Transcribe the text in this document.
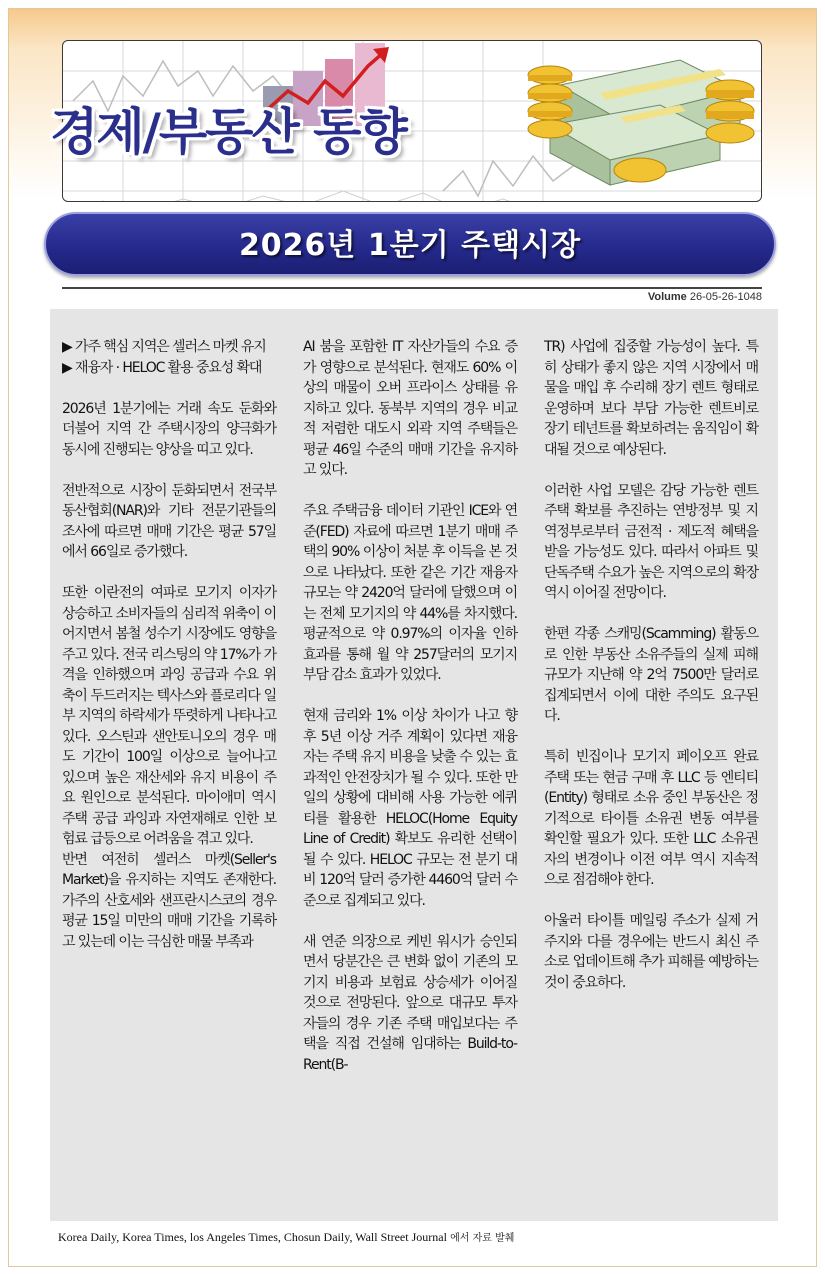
경제/부동산 동향
2026년 1분기 주택시장
Volume 26-05-26-1048

▶ 가주 핵심 지역은 셀러스 마켓 유지

▶ 재융자 · HELOC 활용 중요성 확대

2026년 1분기에는 거래 속도 둔화와 더불어 지역 간 주택시장의 양극화가 동시에 진행되는 양상을 띠고 있다.

전반적으로 시장이 둔화되면서 전국부동산협회(NAR)와 기타 전문기관들의 조사에 따르면 매매 기간은 평균 57일에서 66일로 증가했다.

또한 이란전의 여파로 모기지 이자가 상승하고 소비자들의 심리적 위축이 이어지면서 봄철 성수기 시장에도 영향을 주고 있다. 전국 리스팅의 약 17%가 가격을 인하했으며 과잉 공급과 수요 위축이 두드러지는 텍사스와 플로리다 일부 지역의 하락세가 뚜렷하게 나타나고 있다. 오스틴과 샌안토니오의 경우 매도 기간이 100일 이상으로 늘어나고 있으며 높은 재산세와 유지 비용이 주요 원인으로 분석된다. 마이애미 역시 주택 공급 과잉과 자연재해로 인한 보험료 급등으로 어려움을 겪고 있다.

반면 여전히 셀러스 마켓(Seller's Market)을 유지하는 지역도 존재한다. 가주의 산호세와 샌프란시스코의 경우 평균 15일 미만의 매매 기간을 기록하고 있는데 이는 극심한 매물 부족과

AI 붐을 포함한 IT 자산가들의 수요 증가 영향으로 분석된다. 현재도 60% 이상의 매물이 오버 프라이스 상태를 유지하고 있다. 동북부 지역의 경우 비교적 저렴한 대도시 외곽 지역 주택들은 평균 46일 수준의 매매 기간을 유지하고 있다.

주요 주택금융 데이터 기관인 ICE와 연준(FED) 자료에 따르면 1분기 매매 주택의 90% 이상이 처분 후 이득을 본 것으로 나타났다. 또한 같은 기간 재융자 규모는 약 2420억 달러에 달했으며 이는 전체 모기지의 약 44%를 차지했다. 평균적으로 약 0.97%의 이자율 인하 효과를 통해 월 약 257달러의 모기지 부담 감소 효과가 있었다.

현재 금리와 1% 이상 차이가 나고 향후 5년 이상 거주 계획이 있다면 재융자는 주택 유지 비용을 낮출 수 있는 효과적인 안전장치가 될 수 있다. 또한 만일의 상황에 대비해 사용 가능한 에퀴티를 활용한 HELOC(Home Equity Line of Credit) 확보도 유리한 선택이 될 수 있다. HELOC 규모는 전 분기 대비 120억 달러 증가한 4460억 달러 수준으로 집계되고 있다.

새 연준 의장으로 케빈 워시가 승인되면서 당분간은 큰 변화 없이 기존의 모기지 비용과 보험료 상승세가 이어질 것으로 전망된다. 앞으로 대규모 투자자들의 경우 기존 주택 매입보다는 주택을 직접 건설해 임대하는 Build-to-Rent(B-

TR) 사업에 집중할 가능성이 높다. 특히 상태가 좋지 않은 지역 시장에서 매물을 매입 후 수리해 장기 렌트 형태로 운영하며 보다 부담 가능한 렌트비로 장기 테넌트를 확보하려는 움직임이 확대될 것으로 예상된다.

이러한 사업 모델은 감당 가능한 렌트 주택 확보를 추진하는 연방정부 및 지역정부로부터 금전적 · 제도적 혜택을 받을 가능성도 있다. 따라서 아파트 및 단독주택 수요가 높은 지역으로의 확장 역시 이어질 전망이다.

한편 각종 스캐밍(Scamming) 활동으로 인한 부동산 소유주들의 실제 피해 규모가 지난해 약 2억 7500만 달러로 집계되면서 이에 대한 주의도 요구된다.

특히 빈집이나 모기지 페이오프 완료 주택 또는 현금 구매 후 LLC 등 엔티티(Entity) 형태로 소유 중인 부동산은 정기적으로 타이틀 소유권 변동 여부를 확인할 필요가 있다. 또한 LLC 소유권자의 변경이나 이전 여부 역시 지속적으로 점검해야 한다.

아울러 타이틀 메일링 주소가 실제 거주지와 다를 경우에는 반드시 최신 주소로 업데이트해 추가 피해를 예방하는 것이 중요하다.

Korea Daily, Korea Times, los Angeles Times, Chosun Daily, Wall Street Journal 에서 자료 발췌
